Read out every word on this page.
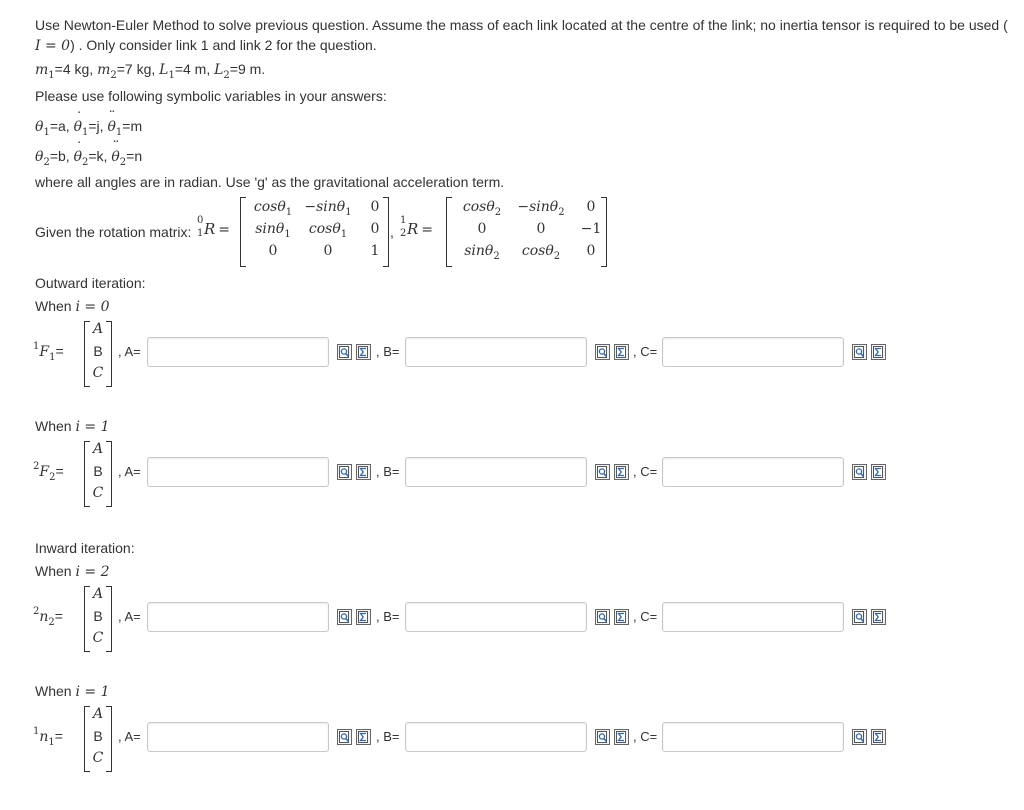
Use Newton-Euler Method to solve previous question. Assume the mass of each link located at the centre of the link; no inertia tensor is required to be used (
I = 0) . Only consider link 1 and link 2 for the question.
$m_1=4$ kg, $m_2=7$ kg, $L_1=4$ m, $L_2=9$ m.
Please use following symbolic variables in your answers:
$\theta_1=a$, ˙ $\theta_1=j$, ¨ $\theta_1=m$
$\theta_2=b$, ˙ $\theta_2=k$, ¨ $\theta_2=n$
where all angles are in radian. Use 'g' as the gravitational acceleration term.
Given the rotation matrix:
0
1 R =
cosθ$_1$ −sinθ$_1$	0
sinθ$_1$	cosθ$_1$	0
0	0	1
,
1
2 R =
cosθ$_2$	−sinθ$_2$	0
0	0	−1
sinθ$_2$	cosθ$_2$	0
Outward iteration:
Inward iteration:
When i = 0
$^1F_1=$
A
B
C
, A=	, B=	, C=
When i = 1
$^2F_2=$
A
B
C
, A=	, B=	, C=
When i = 2
$^2n_2=$
A
B
C
, A=	, B=	, C=
When i = 1
$^1n_1=$
A
B
C
, A=	, B=	, C=
